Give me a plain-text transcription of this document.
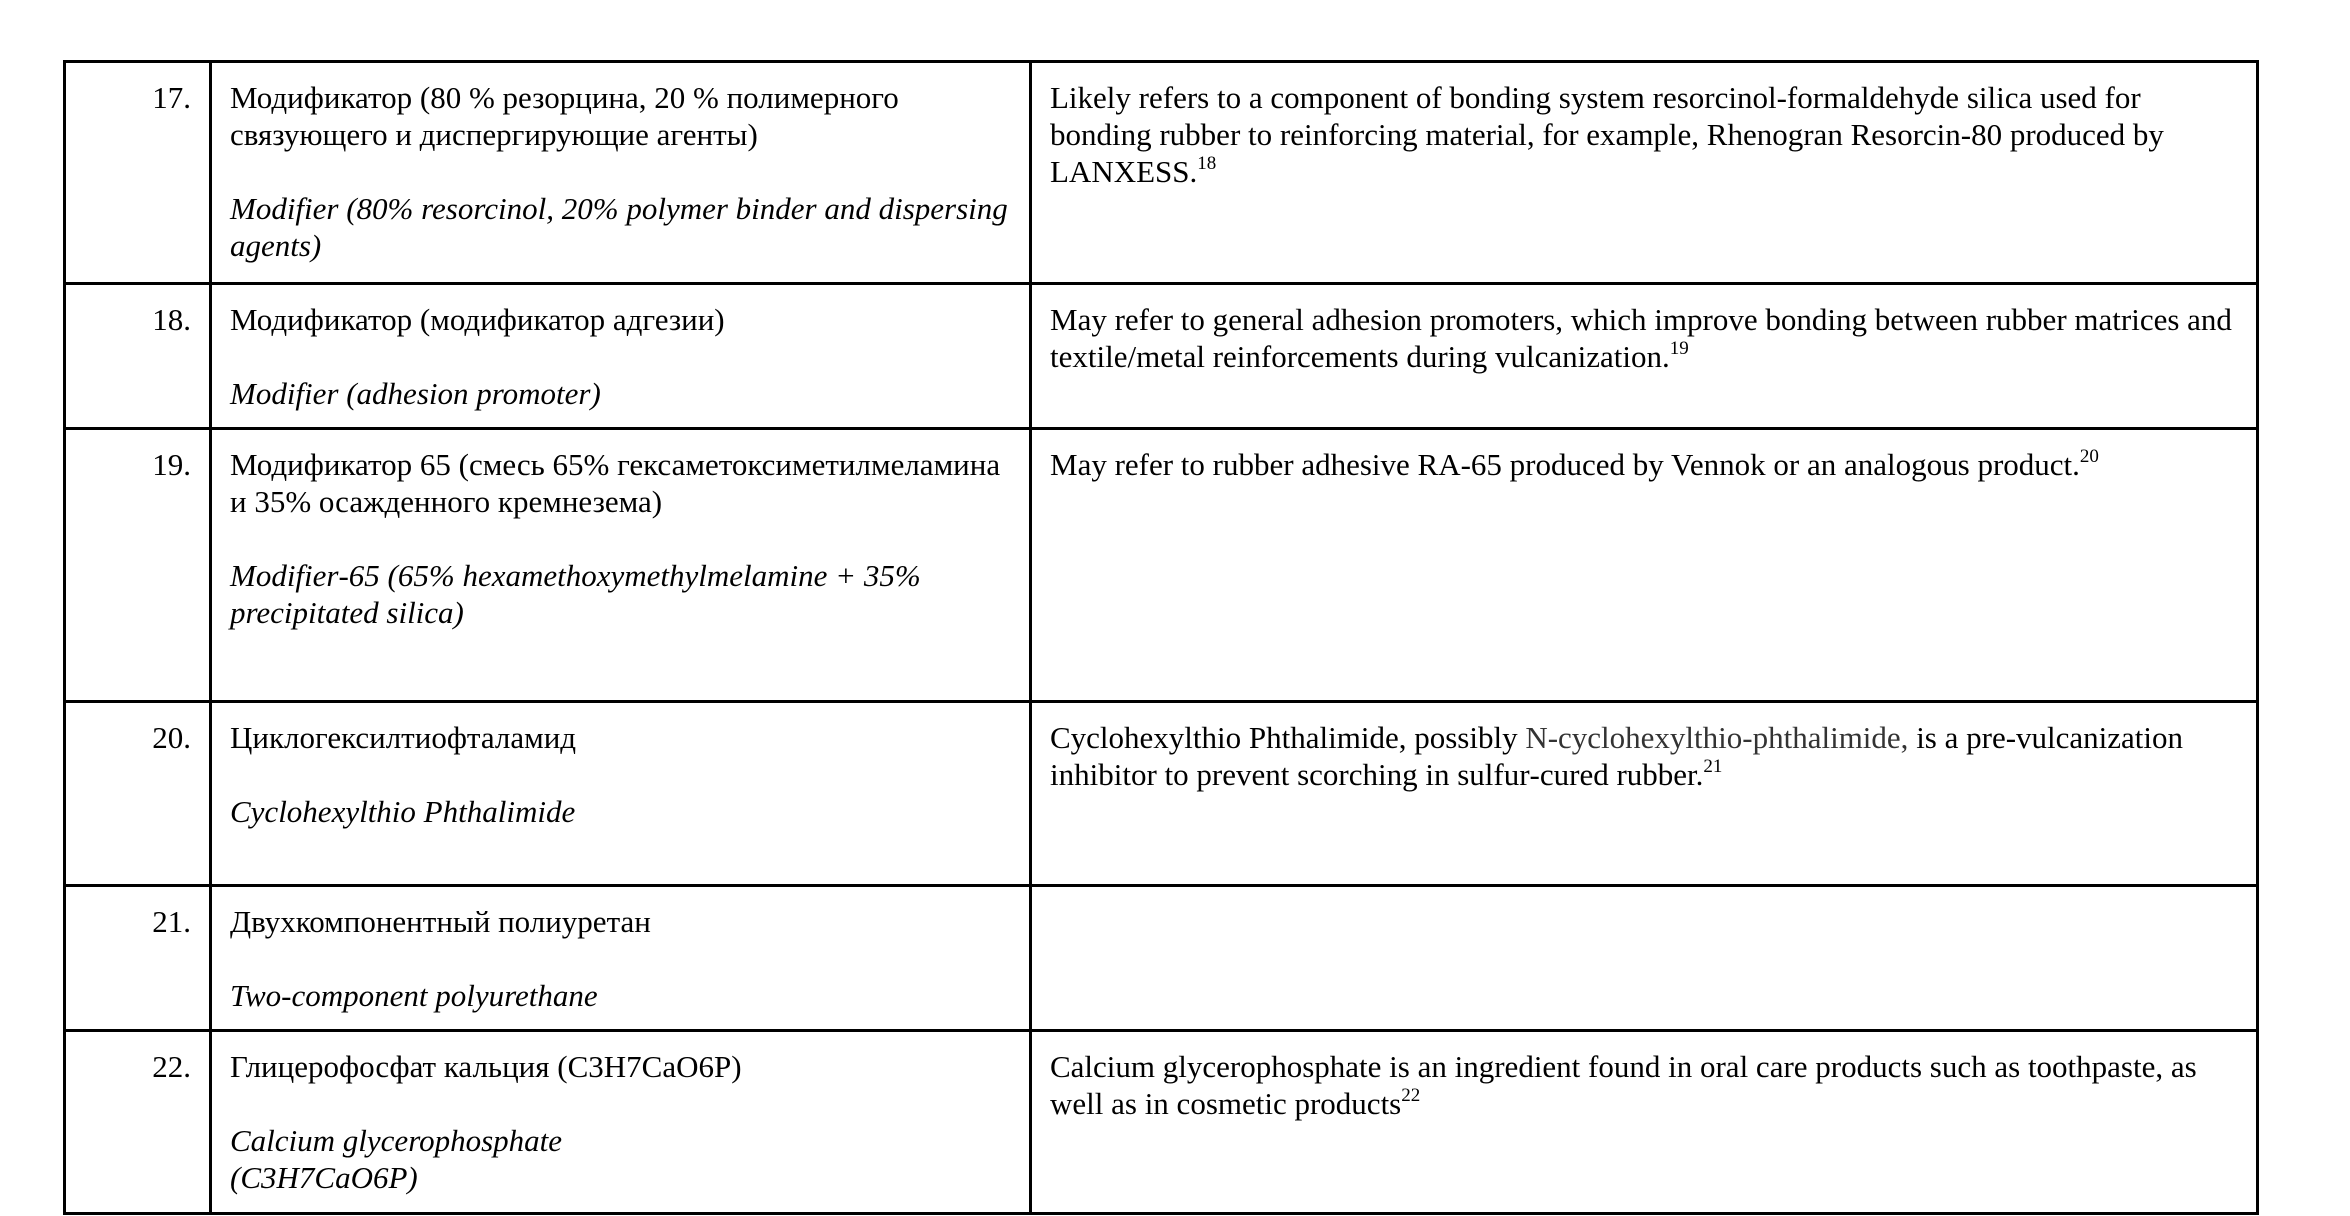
17.	Модификатор (80 % резорцина, 20 % полимерного связующего и диспергирующие агенты)
Modifier (80% resorcinol, 20% polymer binder and dispersing agents)	Likely refers to a component of bonding system resorcinol-formaldehyde silica used for bonding rubber to reinforcing material, for example, Rhenogran Resorcin-80 produced by LANXESS.$^{18}$
18.	Модификатор (модификатор адгезии)
Modifier (adhesion promoter)	May refer to general adhesion promoters, which improve bonding between rubber matrices and textile/metal reinforcements during vulcanization.$^{19}$
19.	Модификатор 65 (смесь 65% гексаметоксиметилмеламина и 35% осажденного кремнезема)
Modifier‑65 (65% hexamethoxymethylmelamine + 35% precipitated silica)	May refer to rubber adhesive RA-65 produced by Vennok or an analogous product.$^{20}$
20.	Циклогексилтиофталамид
Cyclohexylthio Phthalimide	Cyclohexylthio Phthalimide, possibly N-cyclohexylthio-phthalimide, is a pre‑vulcanization inhibitor to prevent scorching in sulfur‑cured rubber.$^{21}$
21.	Двухкомпонентный полиуретан
Two‑component polyurethane	

22.	Глицерофосфат кальция (C3H7CaO6P)
Calcium glycerophosphate
(C3H7CaO6P)	Calcium glycerophosphate is an ingredient found in oral care products such as toothpaste, as well as in cosmetic products$^{22}$
